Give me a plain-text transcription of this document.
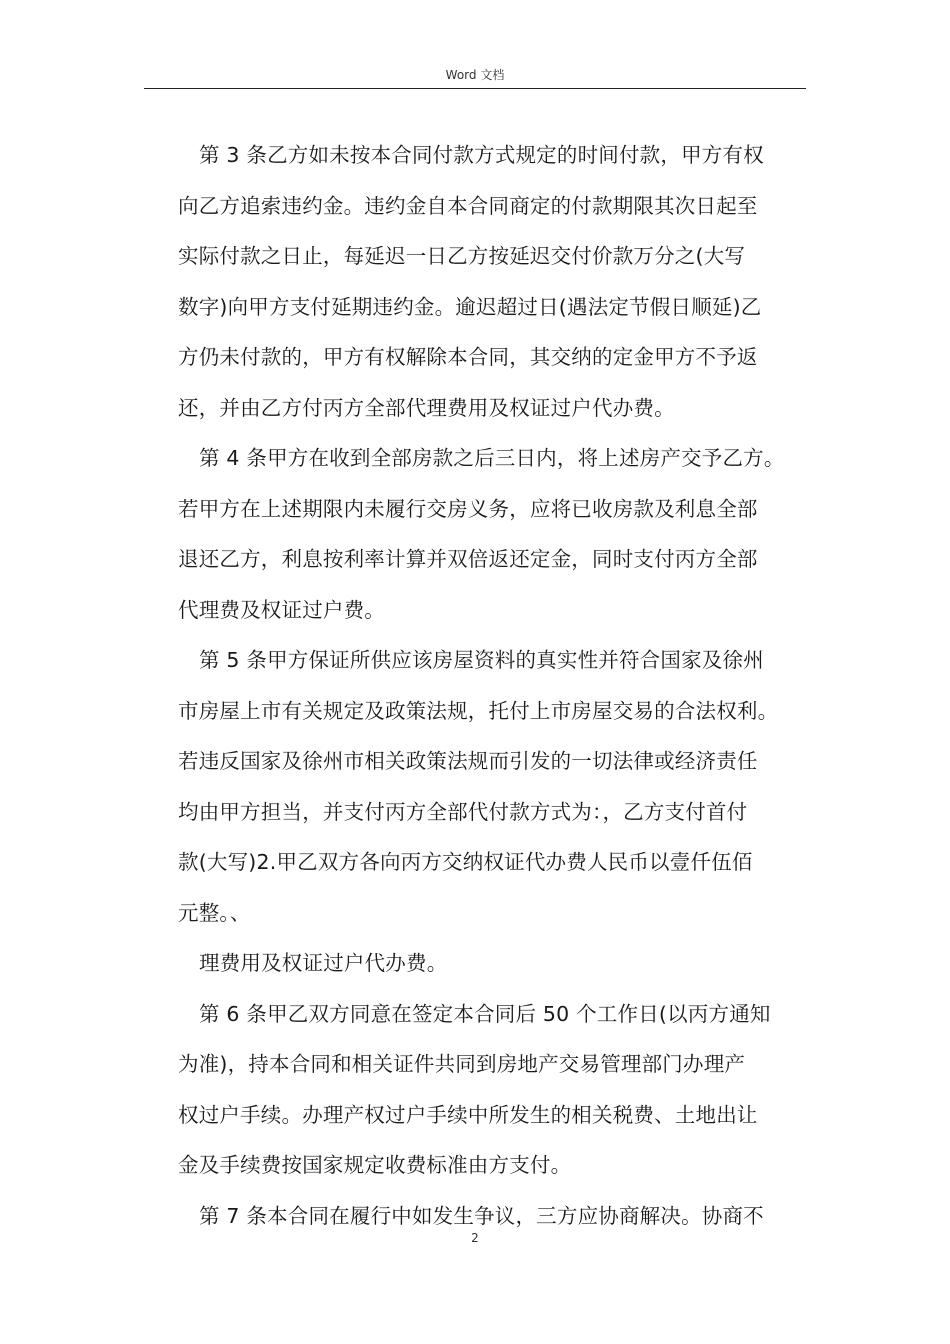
Word 文档
第 3 条乙方如未按本合同付款方式规定的时间付款，甲方有权
向乙方追索违约金。违约金自本合同商定的付款期限其次日起至
实际付款之日止，每延迟一日乙方按延迟交付价款万分之(大写
数字)向甲方支付延期违约金。逾迟超过日(遇法定节假日顺延)乙
方仍未付款的，甲方有权解除本合同，其交纳的定金甲方不予返
还，并由乙方付丙方全部代理费用及权证过户代办费。
第 4 条甲方在收到全部房款之后三日内，将上述房产交予乙方。
若甲方在上述期限内未履行交房义务，应将已收房款及利息全部
退还乙方，利息按利率计算并双倍返还定金，同时支付丙方全部
代理费及权证过户费。
第 5 条甲方保证所供应该房屋资料的真实性并符合国家及徐州
市房屋上市有关规定及政策法规，托付上市房屋交易的合法权利。
若违反国家及徐州市相关政策法规而引发的一切法律或经济责任
均由甲方担当，并支付丙方全部代付款方式为：，乙方支付首付
款(大写)2.甲乙双方各向丙方交纳权证代办费人民币以壹仟伍佰
元整。、
理费用及权证过户代办费。
第 6 条甲乙双方同意在签定本合同后 50 个工作日(以丙方通知
为准)，持本合同和相关证件共同到房地产交易管理部门办理产
权过户手续。办理产权过户手续中所发生的相关税费、土地出让
金及手续费按国家规定收费标准由方支付。
第 7 条本合同在履行中如发生争议，三方应协商解决。协商不
2
